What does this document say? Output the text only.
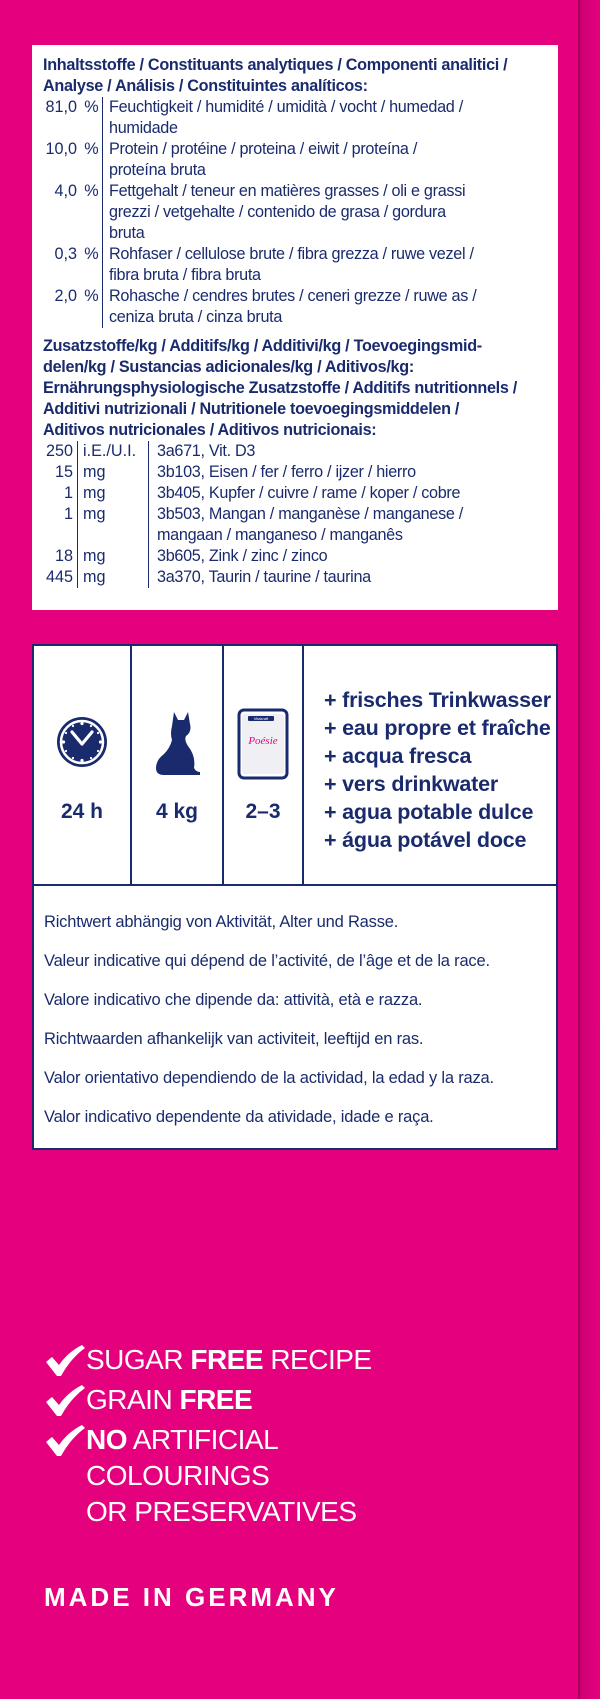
Inhaltsstoffe / Constituants analytiques / Componenti analitici /
Analyse / Análisis / Constituintes analíticos:
81,0 % Feuchtigkeit / humidité / umidità / vocht / humedad /
humidade
10,0 % Protein / protéine / proteina / eiwit / proteína /
proteína bruta
4,0 % Fettgehalt / teneur en matières grasses / oli e grassi
grezzi / vetgehalte / contenido de grasa / gordura
bruta
0,3 % Rohfaser / cellulose brute / fibra grezza / ruwe vezel /
fibra bruta / fibra bruta
2,0 % Rohasche / cendres brutes / ceneri grezze / ruwe as /
ceniza bruta / cinza bruta
Zusatzstoffe/kg / Additifs/kg / Additivi/kg / Toevoegingsmid-
delen/kg / Sustancias adicionales/kg / Aditivos/kg:
Ernährungsphysiologische Zusatzstoffe / Additifs nutritionnels /
Additivi nutrizionali / Nutritionele toevoegingsmiddelen /
Aditivos nutricionales / Aditivos nutricionais:
250 i.E./U.I.	3a671, Vit. D3
15 mg	3b103, Eisen / fer / ferro / ijzer / hierro
1 mg	3b405, Kupfer / cuivre / rame / koper / cobre
1 mg	3b503, Mangan / manganèse / manganese /
mangaan / manganeso / manganês
18 mg	3b605, Zink / zinc / zinco
445 mg	3a370, Taurin / taurine / taurina
24 h	4 kg
Vitakraft
Poésie
2–3
+ frisches Trinkwasser
+ eau propre et fraîche
+ acqua fresca
+ vers drinkwater
+ agua potable dulce
+ água potável doce
Richtwert abhängig von Aktivität, Alter und Rasse.
Valeur indicative qui dépend de l’activité, de l’âge et de la race.
Valore indicativo che dipende da: attività, età e razza.
Richtwaarden afhankelijk van activiteit, leeftijd en ras.
Valor orientativo dependiendo de la actividad, la edad y la raza.
Valor indicativo dependente da atividade, idade e raça.
SUGAR FREE RECIPE
GRAIN FREE
NO ARTIFICIAL
COLOURINGS
OR PRESERVATIVES
MADE IN GERMANY
